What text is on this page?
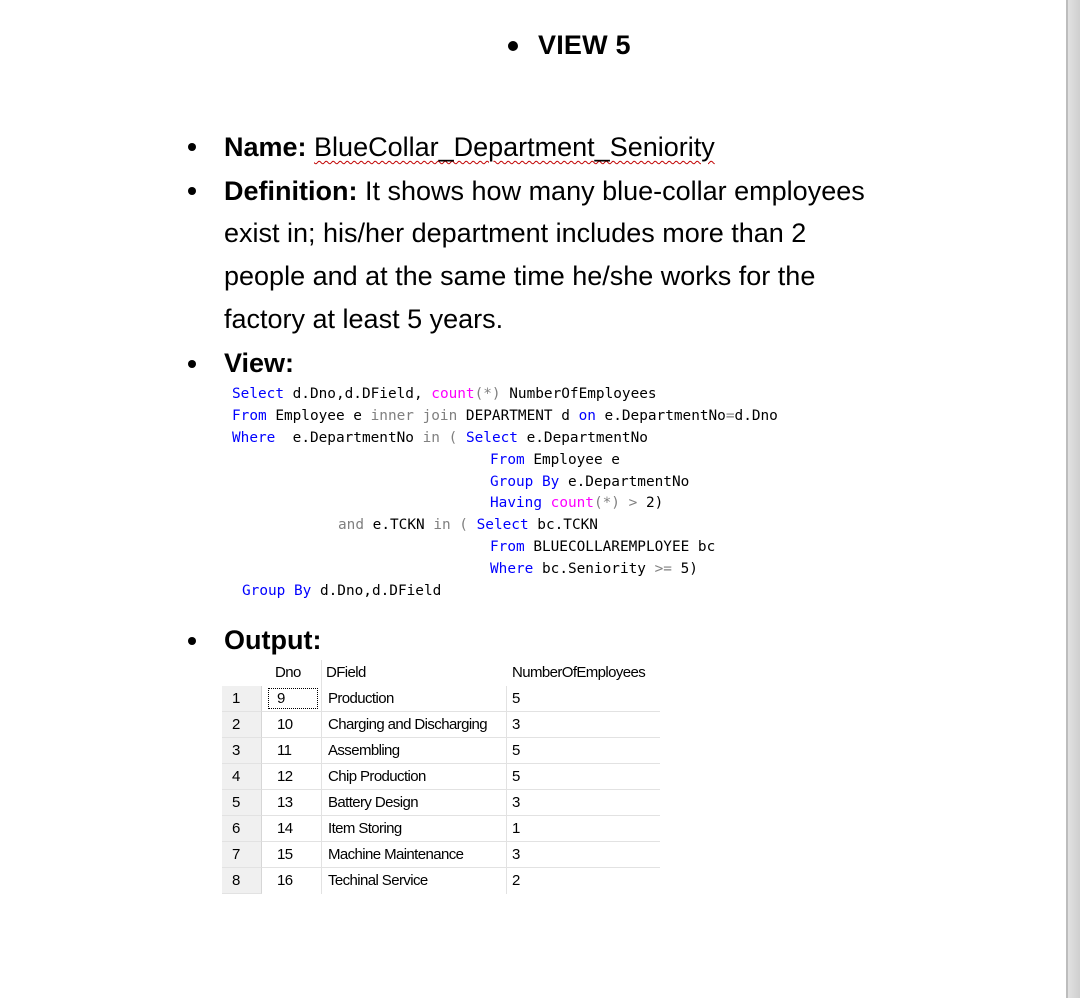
VIEW 5
Name: BlueCollar_Department_Seniority
Definition: It shows how many blue-collar employees
exist in; his/her department includes more than 2
people and at the same time he/she works for the
factory at least 5 years.
View:
Select d.Dno,d.DField, count(*) NumberOfEmployees
From Employee e inner join DEPARTMENT d on e.DepartmentNo=d.Dno
Where  e.DepartmentNo in ( Select e.DepartmentNo
From Employee e
Group By e.DepartmentNo
Having count(*) > 2)
and e.TCKN in ( Select bc.TCKN
From BLUECOLLAREMPLOYEE bc
Where bc.Seniority >= 5)
Group By d.Dno,d.DField
Output:
Dno DField	NumberOfEmployees
1	9	Production	5
2	10 Charging and Discharging 3
3	11 Assembling	5
4	12 Chip Production	5
5	13 Battery Design	3
6	14 Item Storing	1
7	15 Machine Maintenance	3
8	16 Techinal Service	2
